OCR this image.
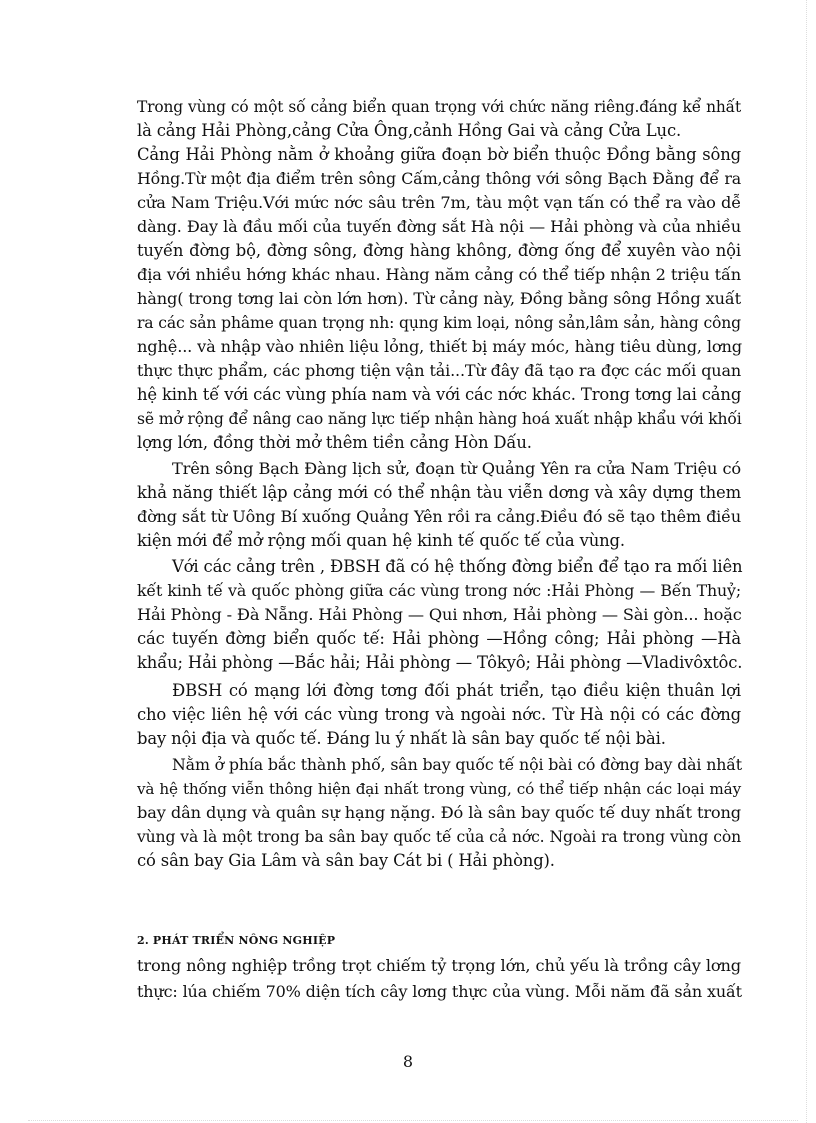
Trong vùng có một số cảng biển quan trọng với chức năng riêng.đáng kể nhất
là cảng Hải Phòng,cảng Cửa Ông,cảnh Hồng Gai và cảng Cửa Lục.
Cảng Hải Phòng nằm ở khoảng giữa đoạn bờ biển thuộc Đồng bằng sông
Hồng.Từ một địa điểm trên sông Cấm,cảng thông với sông Bạch Đằng để ra
cửa Nam Triệu.Với mức nớc sâu trên 7m, tàu một vạn tấn có thể ra vào dễ
dàng. Đay là đầu mối của tuyến đờng sắt Hà nội — Hải phòng và của nhiều
tuyến đờng bộ, đờng sông, đờng hàng không, đờng ống để xuyên vào nội
địa với nhiều hớng khác nhau. Hàng năm cảng có thể tiếp nhận 2 triệu tấn
hàng( trong tơng lai còn lớn hơn). Từ cảng này, Đồng bằng sông Hồng xuất
ra các sản phâme quan trọng nh: qụng kim loại, nông sản,lâm sản, hàng công
nghệ... và nhập vào nhiên liệu lỏng, thiết bị máy móc, hàng tiêu dùng, lơng
thực thực phẩm, các phơng tiện vận tải...Từ đây đã tạo ra đợc các mối quan
hệ kinh tế với các vùng phía nam và với các nớc khác. Trong tơng lai cảng
sẽ mở rộng để nâng cao năng lực tiếp nhận hàng hoá xuất nhập khẩu với khối
lợng lớn, đồng thời mở thêm tiền cảng Hòn Dấu.
Trên sông Bạch Đàng lịch sử, đoạn từ Quảng Yên ra cửa Nam Triệu có
khả năng thiết lập cảng mới có thể nhận tàu viễn dơng và xây dựng them
đờng sắt từ Uông Bí xuống Quảng Yên rồi ra cảng.Điều đó sẽ tạo thêm điều
kiện mới để mở rộng mối quan hệ kinh tế quốc tế của vùng.
Với các cảng trên , ĐBSH đã có hệ thống đờng biển để tạo ra mối liên
kết kinh tế và quốc phòng giữa các vùng trong nớc :Hải Phòng — Bến Thuỷ;
Hải Phòng - Đà Nẵng. Hải Phòng — Qui nhơn, Hải phòng — Sài gòn... hoặc
các tuyến đờng biển quốc tế: Hải phòng —Hồng công; Hải phòng —Hà
khẩu; Hải phòng —Bắc hải; Hải phòng — Tôkyô; Hải phòng —Vladivôxtôc.
ĐBSH có mạng lới đờng tơng đối phát triển, tạo điều kiện thuân lợi
cho việc liên hệ với các vùng trong và ngoài nớc. Từ Hà nội có các đờng
bay nội địa và quốc tế. Đáng lu ý nhất là sân bay quốc tế nội bài.
Nằm ở phía bắc thành phố, sân bay quốc tế nội bài có đờng bay dài nhất
và hệ thống viễn thông hiện đại nhất trong vùng, có thể tiếp nhận các loại máy
bay dân dụng và quân sự hạng nặng. Đó là sân bay quốc tế duy nhất trong
vùng và là một trong ba sân bay quốc tế của cả nớc. Ngoài ra trong vùng còn
có sân bay Gia Lâm và sân bay Cát bi ( Hải phòng).
2. PHÁT TRIỂN NÔNG NGHIỆP
trong nông nghiệp trồng trọt chiếm tỷ trọng lớn, chủ yếu là trồng cây lơng
thực: lúa chiếm 70% diện tích cây lơng thực của vùng. Mỗi năm đã sản xuất
8
